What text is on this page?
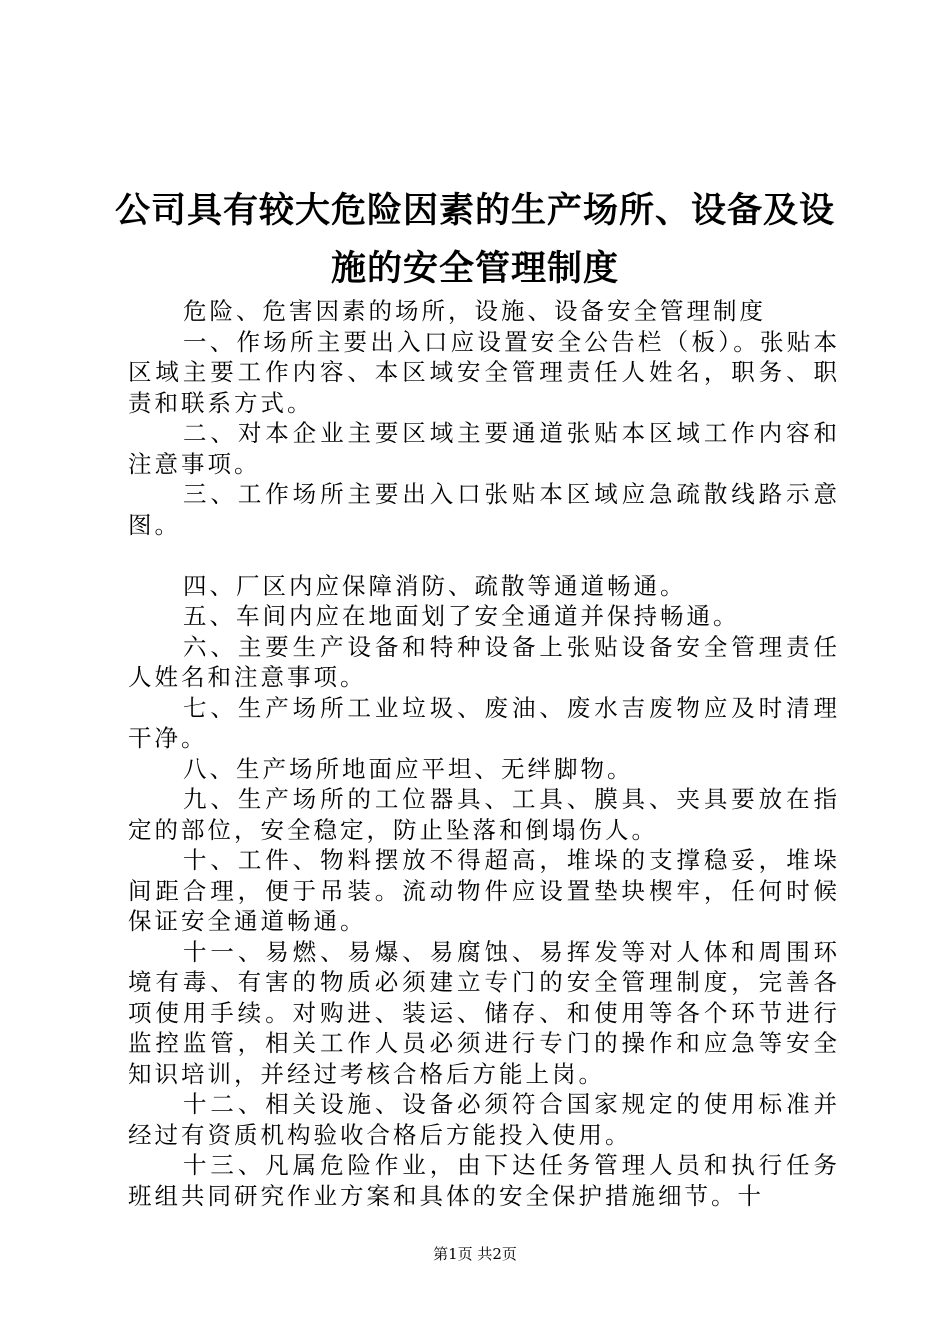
公司具有较大危险因素的生产场所、设备及设
施的安全管理制度

危险、危害因素的场所，设施、设备安全管理制度

一、作场所主要出入口应设置安全公告栏（板）。张贴本区域主要工作内容、本区域安全管理责任人姓名，职务、职责和联系方式。

二、对本企业主要区域主要通道张贴本区域工作内容和注意事项。

三、工作场所主要出入口张贴本区域应急疏散线路示意图。

四、厂区内应保障消防、疏散等通道畅通。

五、车间内应在地面划了安全通道并保持畅通。

六、主要生产设备和特种设备上张贴设备安全管理责任人姓名和注意事项。

七、生产场所工业垃圾、废油、废水吉废物应及时清理干净。

八、生产场所地面应平坦、无绊脚物。

九、生产场所的工位器具、工具、膜具、夹具要放在指定的部位，安全稳定，防止坠落和倒塌伤人。

十、工件、物料摆放不得超高，堆垛的支撑稳妥，堆垛间距合理，便于吊装。流动物件应设置垫块楔牢，任何时候保证安全通道畅通。

十一、易燃、易爆、易腐蚀、易挥发等对人体和周围环境有毒、有害的物质必须建立专门的安全管理制度，完善各项使用手续。对购进、装运、储存、和使用等各个环节进行监控监管，相关工作人员必须进行专门的操作和应急等安全知识培训，并经过考核合格后方能上岗。

十二、相关设施、设备必须符合国家规定的使用标准并经过有资质机构验收合格后方能投入使用。

十三、凡属危险作业，由下达任务管理人员和执行任务班组共同研究作业方案和具体的安全保护措施细节。十

第1页 共2页
